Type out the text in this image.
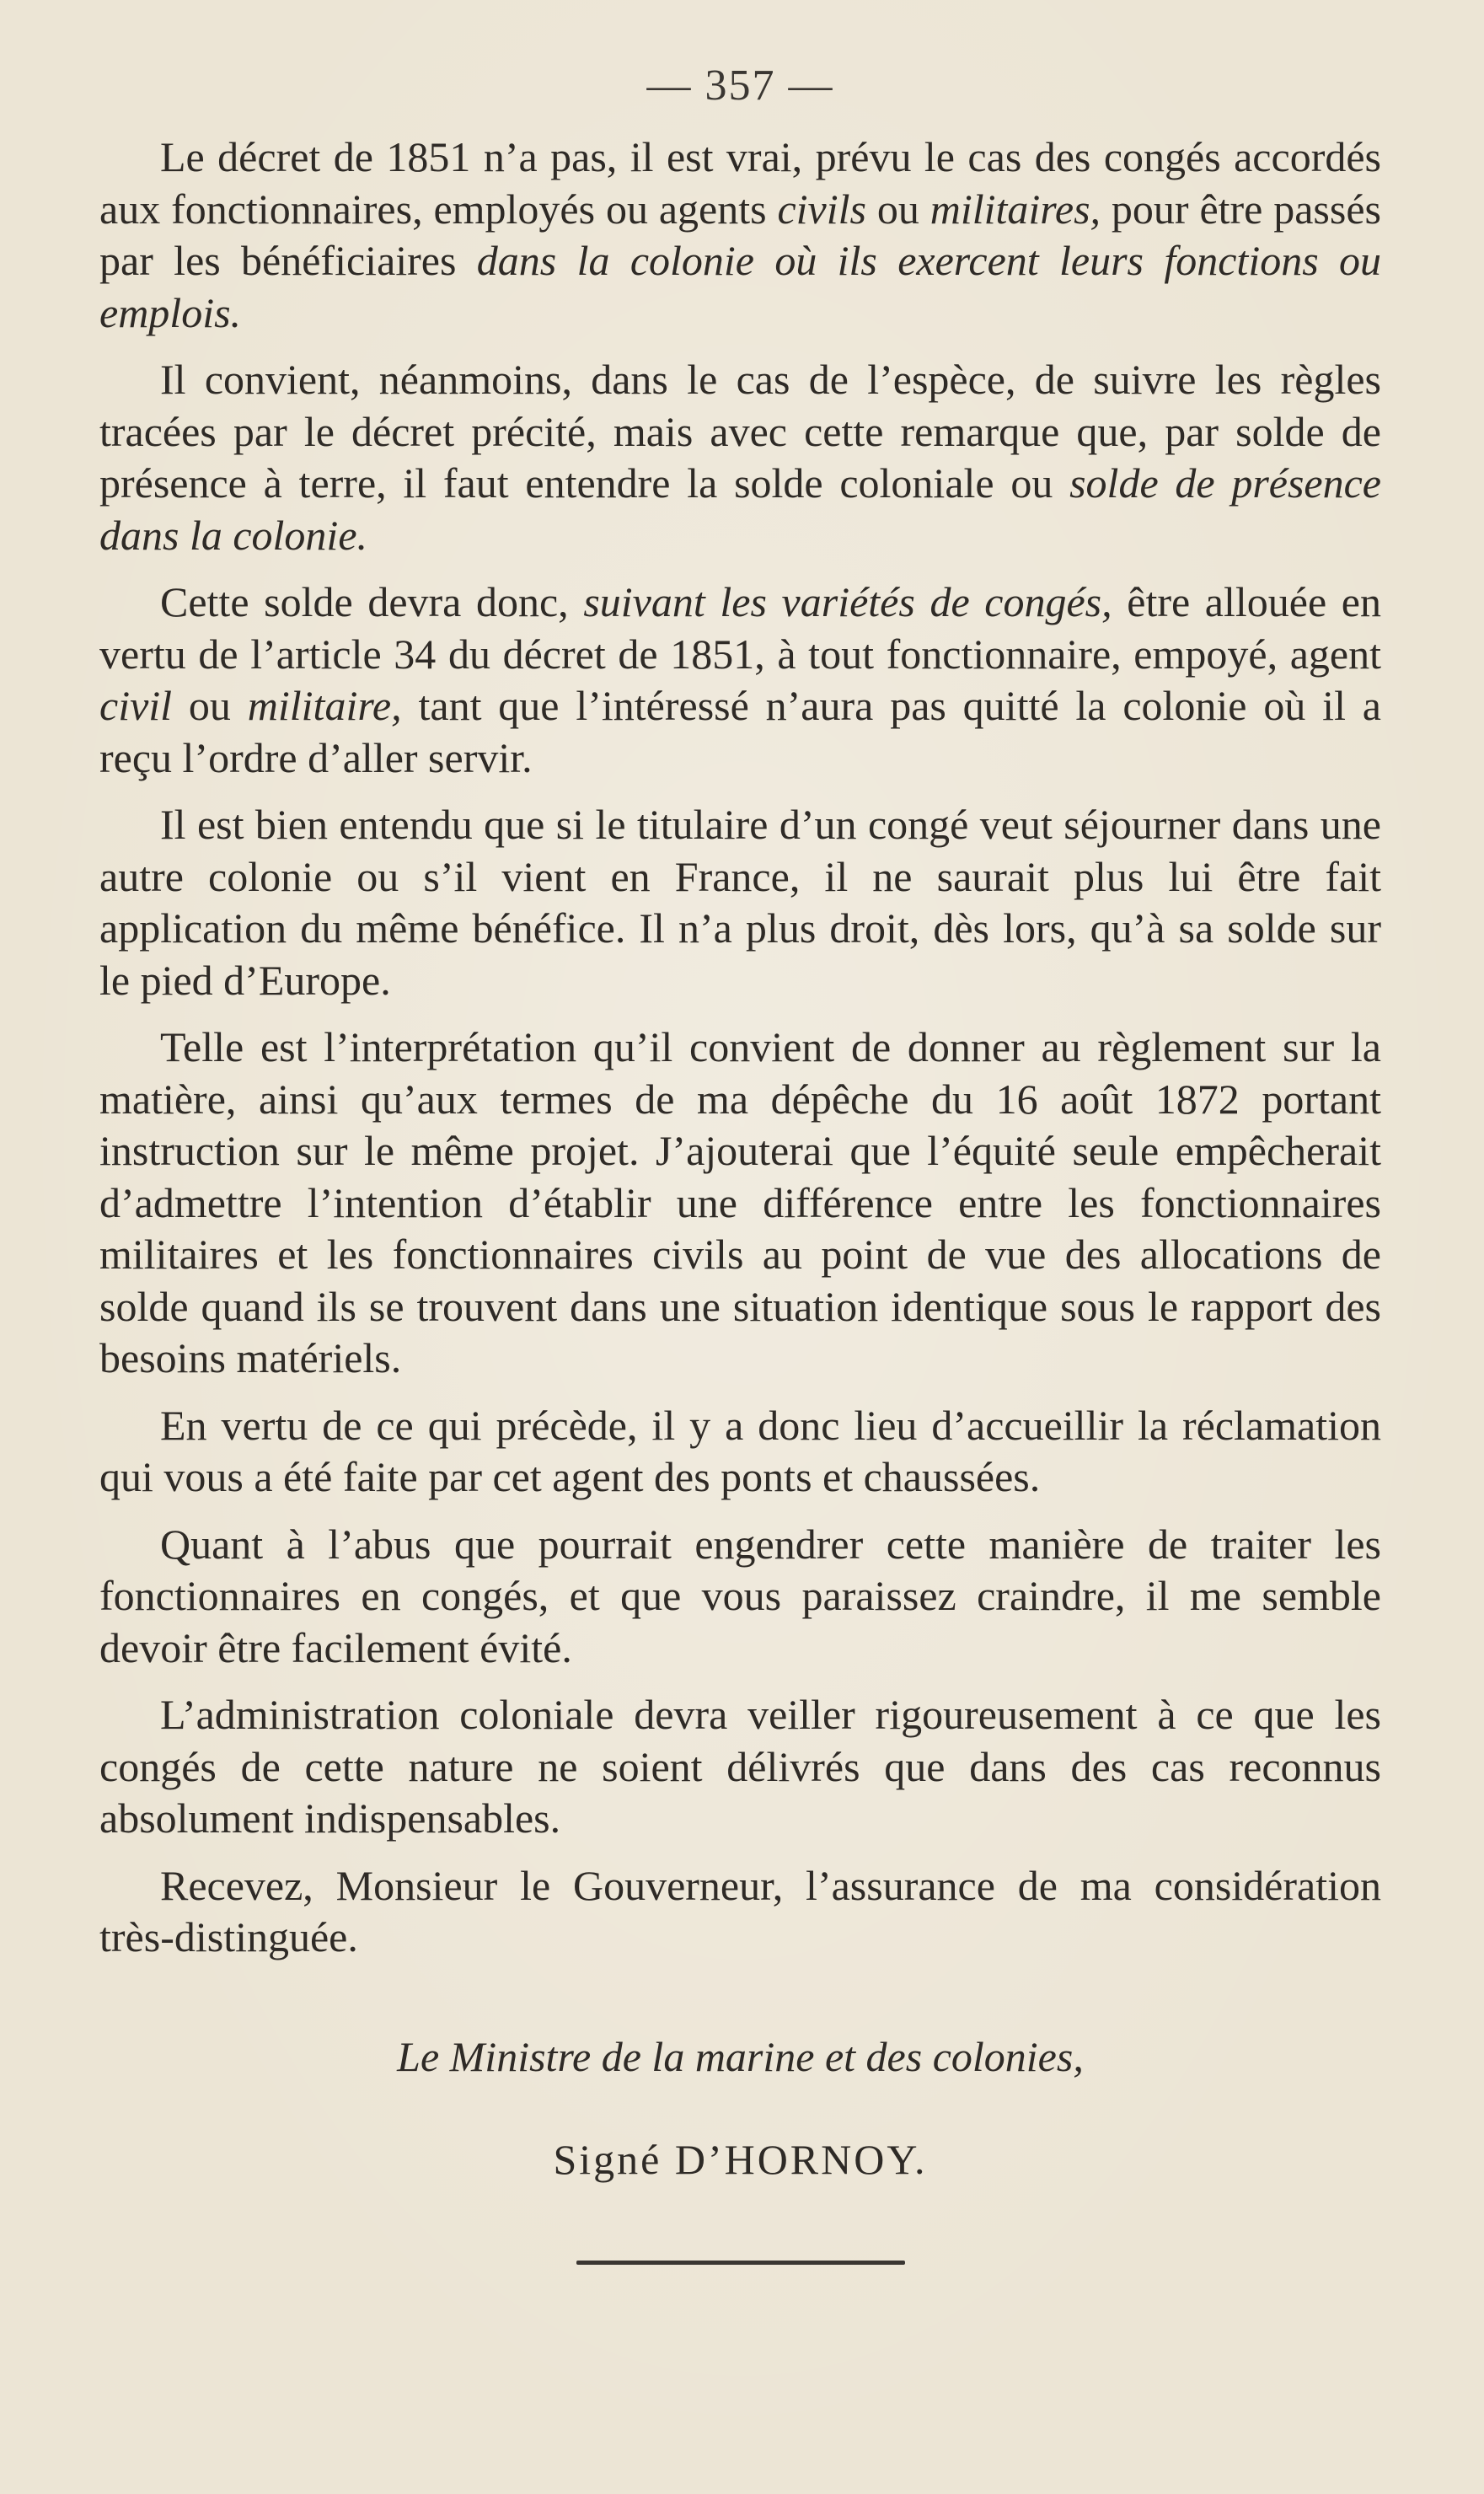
— 357 —

Le décret de 1851 n’a pas, il est vrai, prévu le cas des congés accordés aux fonctionnaires, employés ou agents civils ou militaires, pour être passés par les bénéficiaires dans la colonie où ils exercent leurs fonctions ou emplois.

Il convient, néanmoins, dans le cas de l’espèce, de suivre les règles tracées par le décret précité, mais avec cette remarque que, par solde de présence à terre, il faut entendre la solde coloniale ou solde de présence dans la colonie.

Cette solde devra donc, suivant les variétés de congés, être allouée en vertu de l’article 34 du décret de 1851, à tout fonctionnaire, empoyé, agent civil ou militaire, tant que l’intéressé n’aura pas quitté la colonie où il a reçu l’ordre d’aller servir.

Il est bien entendu que si le titulaire d’un congé veut séjourner dans une autre colonie ou s’il vient en France, il ne saurait plus lui être fait application du même bénéfice. Il n’a plus droit, dès lors, qu’à sa solde sur le pied d’Europe.

Telle est l’interprétation qu’il convient de donner au règlement sur la matière, ainsi qu’aux termes de ma dépêche du 16 août 1872 portant instruction sur le même projet. J’ajouterai que l’équité seule empêcherait d’admettre l’intention d’établir une différence entre les fonctionnaires militaires et les fonctionnaires civils au point de vue des allocations de solde quand ils se trouvent dans une situation identique sous le rapport des besoins matériels.

En vertu de ce qui précède, il y a donc lieu d’accueillir la réclamation qui vous a été faite par cet agent des ponts et chaussées.

Quant à l’abus que pourrait engendrer cette manière de traiter les fonctionnaires en congés, et que vous paraissez craindre, il me semble devoir être facilement évité.

L’administration coloniale devra veiller rigoureusement à ce que les congés de cette nature ne soient délivrés que dans des cas reconnus absolument indispensables.

Recevez, Monsieur le Gouverneur, l’assurance de ma considération très-distinguée.

Le Ministre de la marine et des colonies,

Signé D’HORNOY.
